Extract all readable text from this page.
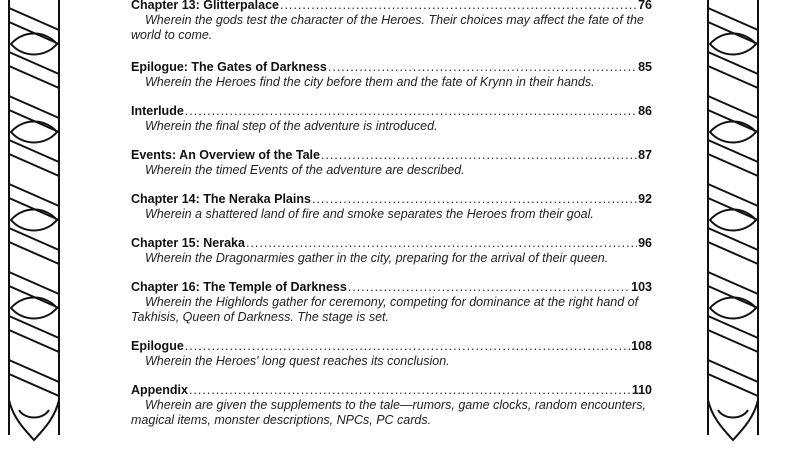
Chapter 13: Glitterpalace .....	76
Wherein the gods test the character of the Heroes. Their choices may affect the fate of the world to come.
Epilogue: The Gates of Darkness .....	85
Wherein the Heroes find the city before them and the fate of Krynn in their hands.
Interlude .....	86
Wherein the final step of the adventure is introduced.
Events: An Overview of the Tale .....	87
Wherein the timed Events of the adventure are described.
Chapter 14: The Neraka Plains .....	92
Wherein a shattered land of fire and smoke separates the Heroes from their goal.
Chapter 15: Neraka .....	96
Wherein the Dragonarmies gather in the city, preparing for the arrival of their queen.
Chapter 16: The Temple of Darkness .....	103
Wherein the Highlords gather for ceremony, competing for dominance at the right hand of Takhisis, Queen of Darkness. The stage is set.
Epilogue .....	108
Wherein the Heroes' long quest reaches its conclusion.
Appendix .....	110
Wherein are given the supplements to the tale—rumors, game clocks, random encounters, magical items, monster descriptions, NPCs, PC cards.
